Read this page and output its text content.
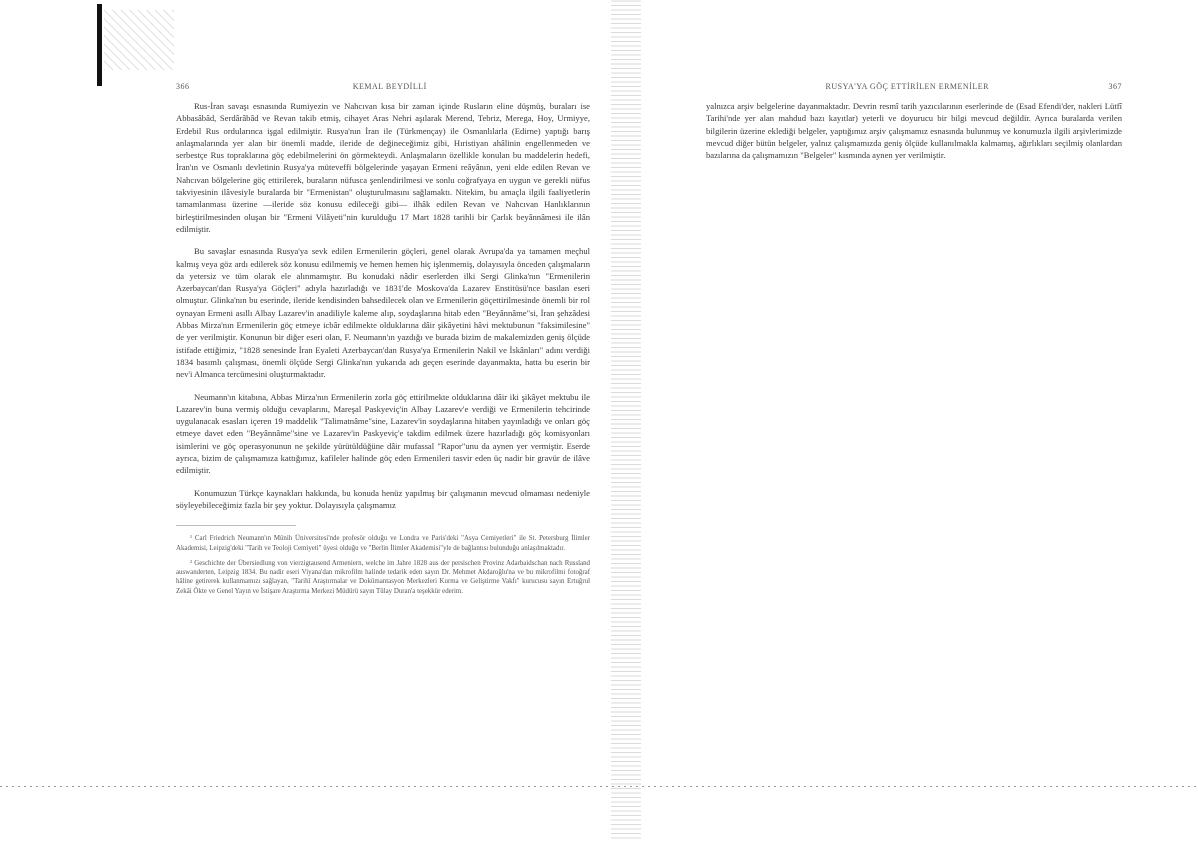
366	KEMAL BEYDİLLİ

Rus-İran savaşı esnasında Rumiyezin ve Nahcıvan kısa bir zaman içinde Rusların eline düşmüş, buraları ise Abbasâbâd, Serdârâbâd ve Revan takib etmiş, cihayet Aras Nehri aşılarak Merend, Tebriz, Merega, Hoy, Urmiyye, Erdebil Rus ordularınca işgal edilmiştir. Rusya'nın İran ile (Türkmençay) ile Osmanlılarla (Edirne) yaptığı barış anlaşmalarında yer alan bir önemli madde, ileride de değineceğimiz gibi, Hıristiyan ahâlinin engellenmeden ve serbestçe Rus topraklarına göç edebilmelerini ön görmekteydi. Anlaşmaların özellikle konulan bu maddelerin hedefi, İran'ın ve Osmanlı devletinin Rusya'ya müteveffi bölgelerinde yaşayan Ermeni reâyânın, yeni elde edilen Revan ve Nahcıvan bölgelerine göç ettirilerek, buraların nüfusca şenlendirilmesi ve sonlu coğrafyaya en uygun ve gerekli nüfus takviyesinin ilâvesiyle buralarda bir "Ermenistan" oluşturulmasını sağlamaktı. Nitekim, bu amaçla ilgili faaliyetlerin tamamlanması üzerine —ileride söz konusu edileceği gibi— ilhâk edilen Revan ve Nahcıvan Hanlıklarının birleştirilmesinden oluşan bir "Ermeni Vilâyeti"nin kurulduğu 17 Mart 1828 tarihli bir Çarlık beyânnâmesi ile ilân edilmiştir.

Bu savaşlar esnasında Rusya'ya sevk edilen Ermenilerin göçleri, genel olarak Avrupa'da ya tamamen meçhul kalmış veya göz ardı edilerek söz konusu edilmemiş ve hemen hemen hiç işlenmemiş, dolayısıyla önceden çalışmaların da yetersiz ve tüm olarak ele alınmamıştır. Bu konudaki nâdir eserlerden ilki Sergi Glinka'nın "Ermenilerin Azerbaycan'dan Rusya'ya Göçleri" adıyla hazırladığı ve 1831'de Moskova'da Lazarev Enstitüsü'nce basılan eseri olmuştur. Glinka'nın bu eserinde, ileride kendisinden bahsedilecek olan ve Ermenilerin göçettirilmesinde önemli bir rol oynayan Ermeni asıllı Albay Lazarev'in anadiliyle kaleme alıp, soydaşlarına hitab eden "Beyânnâme"si, İran şehzâdesi Abbas Mirza'nın Ermenilerin göç etmeye icbâr edilmekte olduklarına dâir şikâyetini hâvi mektubunun "faksimilesine" de yer verilmiştir. Konunun bir diğer eseri olan, F. Neumann'ın yazdığı ve burada bizim de makalemizden geniş ölçüde istifade ettiğimiz, "1828 senesinde İran Eyaleti Azerbaycan'dan Rusya'ya Ermenilerin Nakil ve İskânları" adını verdiği 1834 basımlı çalışması, önemli ölçüde Sergi Glinka'nın yukarıda adı geçen eserinde dayanmakta, hatta bu eserin bir nev'i Almanca tercümesini oluşturmaktadır.

Neumann'ın kitabına, Abbas Mirza'nın Ermenilerin zorla göç ettirilmekte olduklarına dâir iki şikâyet mektubu ile Lazarev'in buna vermiş olduğu cevaplarını, Mareşal Paskyeviç'in Albay Lazarev'e verdiği ve Ermenilerin tehcirinde uygulanacak esasları içeren 19 maddelik "Talimatnâme"sine, Lazarev'in soydaşlarına hitaben yayınladığı ve onları göç etmeye davet eden "Beyânnâme"sine ve Lazarev'in Paskyeviç'e takdim edilmek üzere hazırladığı göç komisyonları isimlerini ve göç operasyonunun ne şekilde yürütüldüğüne dâir mufassal "Rapor"unu da aynen yer vermiştir. Eserde ayrıca, bizim de çalışmamıza kattığımız, kafileler halinde göç eden Ermenileri tasvir eden üç nadir bir gravür de ilâve edilmiştir.

Konumuzun Türkçe kaynakları hakkında, bu konuda henüz yapılmış bir çalışmanın mevcud olmaması nedeniyle söyleyebileceğimiz fazla bir şey yoktur. Dolayısıyla çalışmamız

¹ Carl Friedrich Neumann'ın Münih Üniversitesi'nde profesör olduğu ve Londra ve Paris'deki "Asya Cemiyetleri" ile St. Petersburg İlimler Akademisi, Leipzig'deki "Tarih ve Teoloji Cemiyeti" üyesi olduğu ve "Berlin İlimler Akademisi"yle de bağlantısı bulunduğu anlaşılmaktadır.

² Geschichte der Übersiedlung von vierzigtausend Armeniern, welche im Jahre 1828 aus der persischen Provinz Adarbaidschan nach Russland auswanderten, Leipzig 1834. Bu nadir eseri Viyana'dan mikrofilm halinde tedarik eden sayın Dr. Mehmet Akdaroğlu'na ve bu mikrofilmi fotoğraf hâline getirerek kullanmamızı sağlayan, "Tarihî Araştırmalar ve Dokümantasyon Merkezleri Kurma ve Geliştirme Vakfı" kurucusu sayın Ertuğrul Zekâi Ökte ve Genel Yayın ve İstişare Araştırma Merkezi Müdürü sayın Tülay Duran'a teşekkür ederim.

RUSYA'YA GÖÇ ETTİRİLEN ERMENİLER	367

yalnızca arşiv belgelerine dayanmaktadır. Devrin resmî tarih yazıcılarının eserlerinde de (Esad Efendi'der, nakleri Lütfî Tarihi'nde yer alan mahdud bazı kayıtlar) yeterli ve doyurucu bir bilgi mevcud değildir. Ayrıca buralarda verilen bilgilerin üzerine eklediği belgeler, yaptığımız arşiv çalışmamız esnasında bulunmuş ve konumuzla ilgili arşivlerimizde mevcud diğer bütün belgeler, yalnız çalışmamızda geniş ölçüde kullanılmakla kalmamış, ağırlıkları seçilmiş olanlardan bazılarına da çalışmamızın "Belgeler" kısmında aynen yer verilmiştir.
